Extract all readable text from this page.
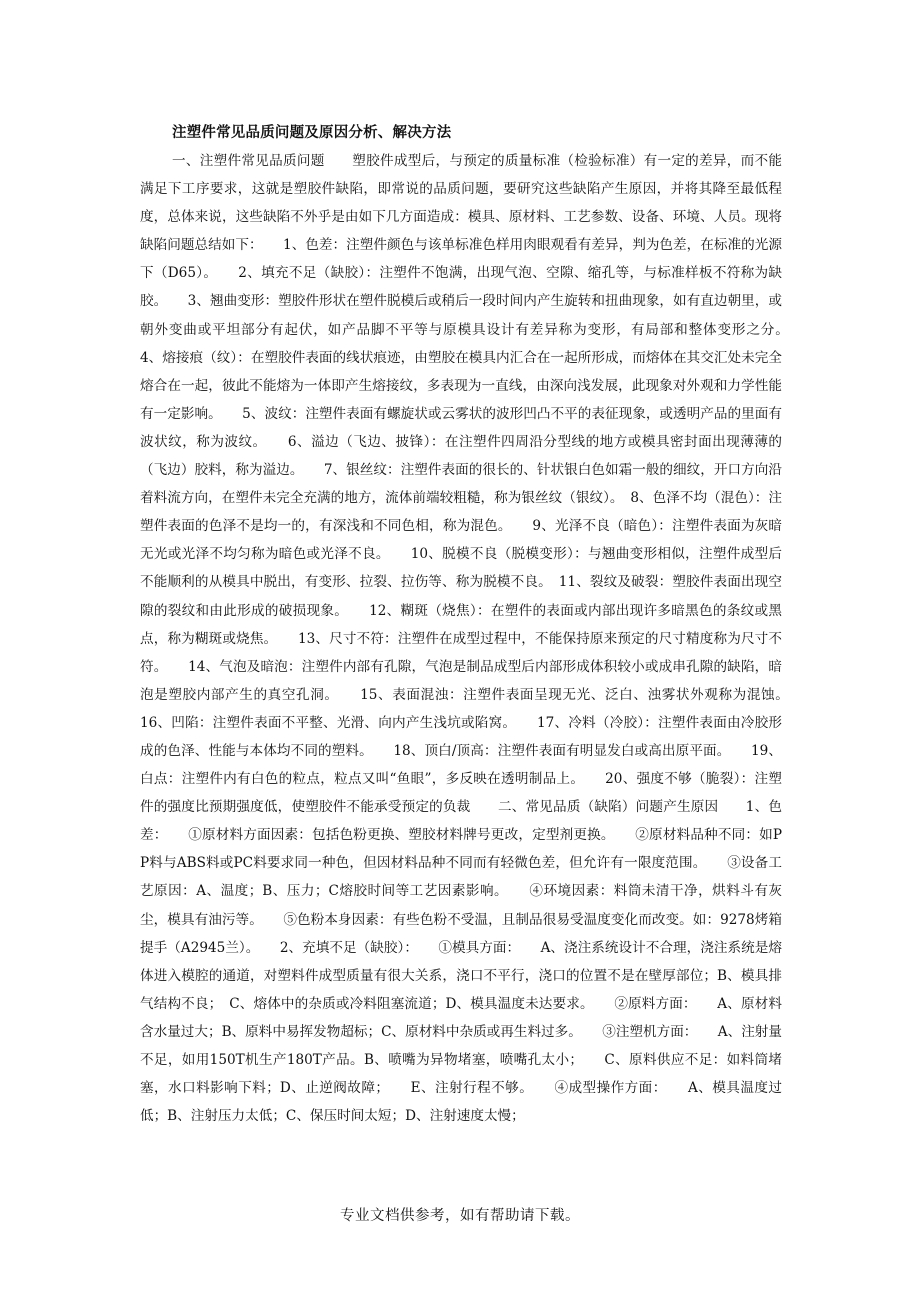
注塑件常见品质问题及原因分析、解决方法

一、注塑件常见品质问题　　塑胶件成型后，与预定的质量标准（检验标准）有一定的差异，而不能满足下工序要求，这就是塑胶件缺陷，即常说的品质问题，要研究这些缺陷产生原因，并将其降至最低程度，总体来说，这些缺陷不外乎是由如下几方面造成：模具、原材料、工艺参数、设备、环境、人员。现将缺陷问题总结如下：　　1、色差：注塑件颜色与该单标准色样用肉眼观看有差异，判为色差，在标准的光源下（D65）。　　2、填充不足（缺胶）：注塑件不饱满，出现气泡、空隙、缩孔等，与标准样板不符称为缺胶。　　3、翘曲变形：塑胶件形状在塑件脱模后或稍后一段时间内产生旋转和扭曲现象，如有直边朝里，或朝外变曲或平坦部分有起伏，如产品脚不平等与原模具设计有差异称为变形，有局部和整体变形之分。　　4、熔接痕（纹）：在塑胶件表面的线状痕迹，由塑胶在模具内汇合在一起所形成，而熔体在其交汇处未完全熔合在一起，彼此不能熔为一体即产生熔接纹，多表现为一直线，由深向浅发展，此现象对外观和力学性能有一定影响。　　5、波纹：注塑件表面有螺旋状或云雾状的波形凹凸不平的表征现象，或透明产品的里面有波状纹，称为波纹。　　6、溢边（飞边、披锋）：在注塑件四周沿分型线的地方或模具密封面出现薄薄的（飞边）胶料，称为溢边。　　7、银丝纹：注塑件表面的很长的、针状银白色如霜一般的细纹，开口方向沿着料流方向，在塑件未完全充满的地方，流体前端较粗糙，称为银丝纹（银纹）。　8、色泽不均（混色）：注塑件表面的色泽不是均一的，有深浅和不同色相，称为混色。　　9、光泽不良（暗色）：注塑件表面为灰暗无光或光泽不均匀称为暗色或光泽不良。　　10、脱模不良（脱模变形）：与翘曲变形相似，注塑件成型后不能顺利的从模具中脱出，有变形、拉裂、拉伤等、称为脱模不良。　11、裂纹及破裂：塑胶件表面出现空隙的裂纹和由此形成的破损现象。　　12、糊斑（烧焦）：在塑件的表面或内部出现许多暗黑色的条纹或黑点，称为糊斑或烧焦。　　13、尺寸不符：注塑件在成型过程中，不能保持原来预定的尺寸精度称为尺寸不符。　　14、气泡及暗泡：注塑件内部有孔隙，气泡是制品成型后内部形成体积较小或成串孔隙的缺陷，暗泡是塑胶内部产生的真空孔洞。　　15、表面混浊：注塑件表面呈现无光、泛白、浊雾状外观称为混蚀。　　16、凹陷：注塑件表面不平整、光滑、向内产生浅坑或陷窝。　　17、冷料（冷胶）：注塑件表面由冷胶形成的色泽、性能与本体均不同的塑料。　　18、顶白/顶高：注塑件表面有明显发白或高出原平面。　　19、白点：注塑件内有白色的粒点，粒点又叫“鱼眼”，多反映在透明制品上。　　20、强度不够（脆裂）：注塑件的强度比预期强度低，使塑胶件不能承受预定的负裁　　二、常见品质（缺陷）问题产生原因　　1、色差：　　①原材料方面因素：包括色粉更换、塑胶材料牌号更改，定型剂更换。　　②原材料品种不同：如PP料与ABS料或PC料要求同一种色，但因材料品种不同而有轻微色差，但允许有一限度范围。　　③设备工艺原因：A、温度；B、压力；C熔胶时间等工艺因素影响。　　④环境因素：料筒未清干净，烘料斗有灰尘，模具有油污等。　　⑤色粉本身因素：有些色粉不受温，且制品很易受温度变化而改变。如：9278烤箱提手（A2945兰）。　　2、充填不足（缺胶）：　　①模具方面：　　A、浇注系统设计不合理，浇注系统是熔体进入模腔的通道，对塑料件成型质量有很大关系，浇口不平行，浇口的位置不是在壁厚部位；B、模具排气结构不良；　C、熔体中的杂质或冷料阻塞流道；D、模具温度未达要求。　　②原料方面：　　A、原材料含水量过大；B、原料中易挥发物超标；C、原材料中杂质或再生料过多。　　③注塑机方面：　　A、注射量不足，如用150T机生产180T产品。B、喷嘴为异物堵塞，喷嘴孔太小；　　C、原料供应不足：如料筒堵塞，水口料影响下料；D、止逆阀故障；　　E、注射行程不够。　　④成型操作方面：　　A、模具温度过低；B、注射压力太低；C、保压时间太短；D、注射速度太慢；

专业文档供参考，如有帮助请下载。
